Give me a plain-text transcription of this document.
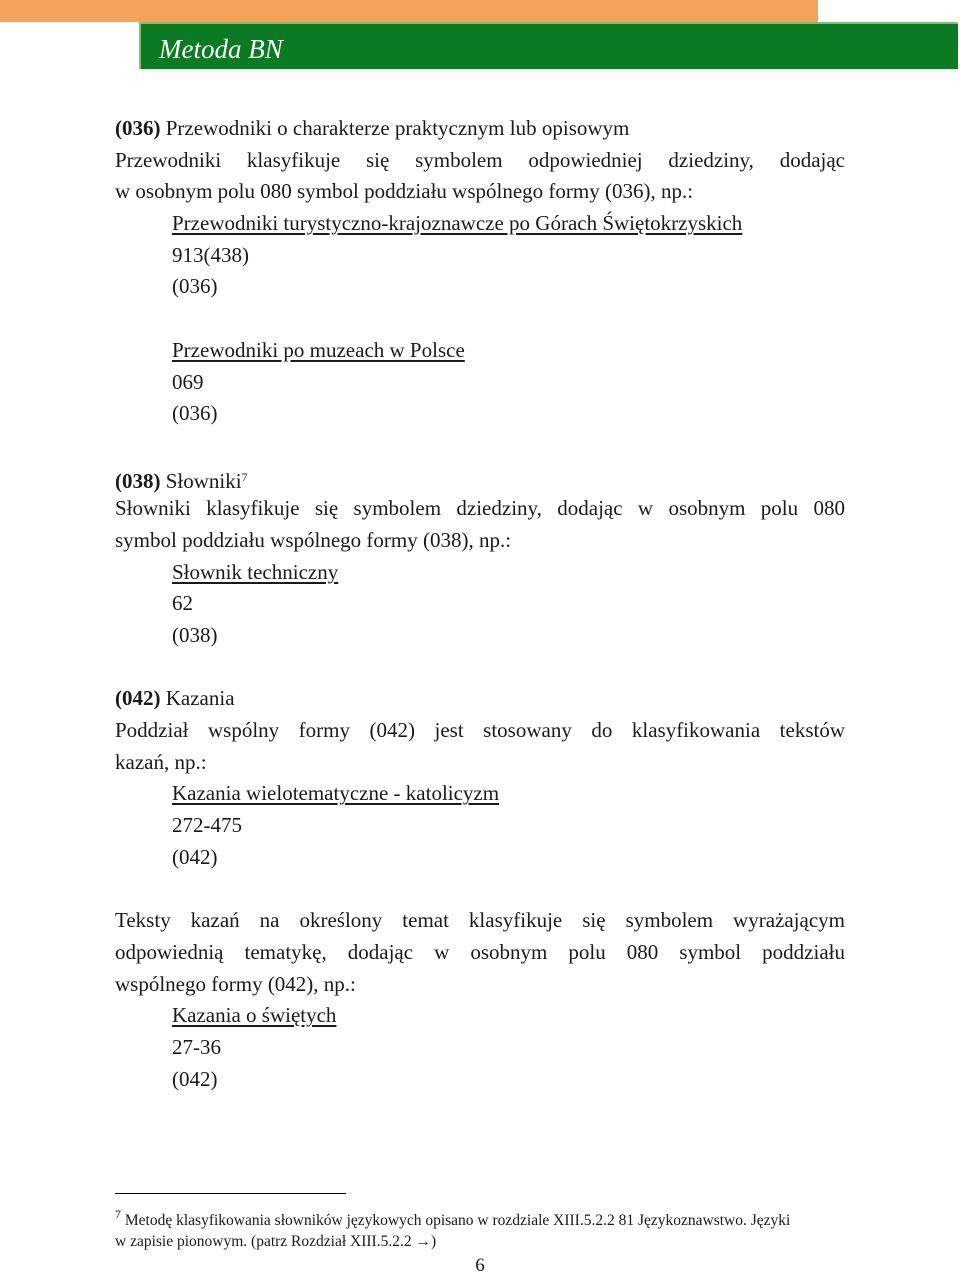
Metoda BN
(036) Przewodniki o charakterze praktycznym lub opisowym
Przewodniki klasyfikuje się symbolem odpowiedniej dziedziny, dodając
w osobnym polu 080 symbol poddziału wspólnego formy (036), np.:
Przewodniki turystyczno-krajoznawcze po Górach Świętokrzyskich
913(438)
(036)
Przewodniki po muzeach w Polsce
069
(036)
(038) Słowniki$^7$
Słowniki klasyfikuje się symbolem dziedziny, dodając w osobnym polu 080
symbol poddziału wspólnego formy (038), np.:
Słownik techniczny
62
(038)
(042) Kazania
Poddział wspólny formy (042) jest stosowany do klasyfikowania tekstów
kazań, np.:
Kazania wielotematyczne - katolicyzm
272-475
(042)
Teksty kazań na określony temat klasyfikuje się symbolem wyrażającym
odpowiednią tematykę, dodając w osobnym polu 080 symbol poddziału
wspólnego formy (042), np.:
Kazania o świętych
27-36
(042)
$^7$ Metodę klasyfikowania słowników językowych opisano w rozdziale XIII.5.2.2 81 Językoznawstwo. Języki
w zapisie pionowym. (patrz Rozdział XIII.5.2.2 →)
6
